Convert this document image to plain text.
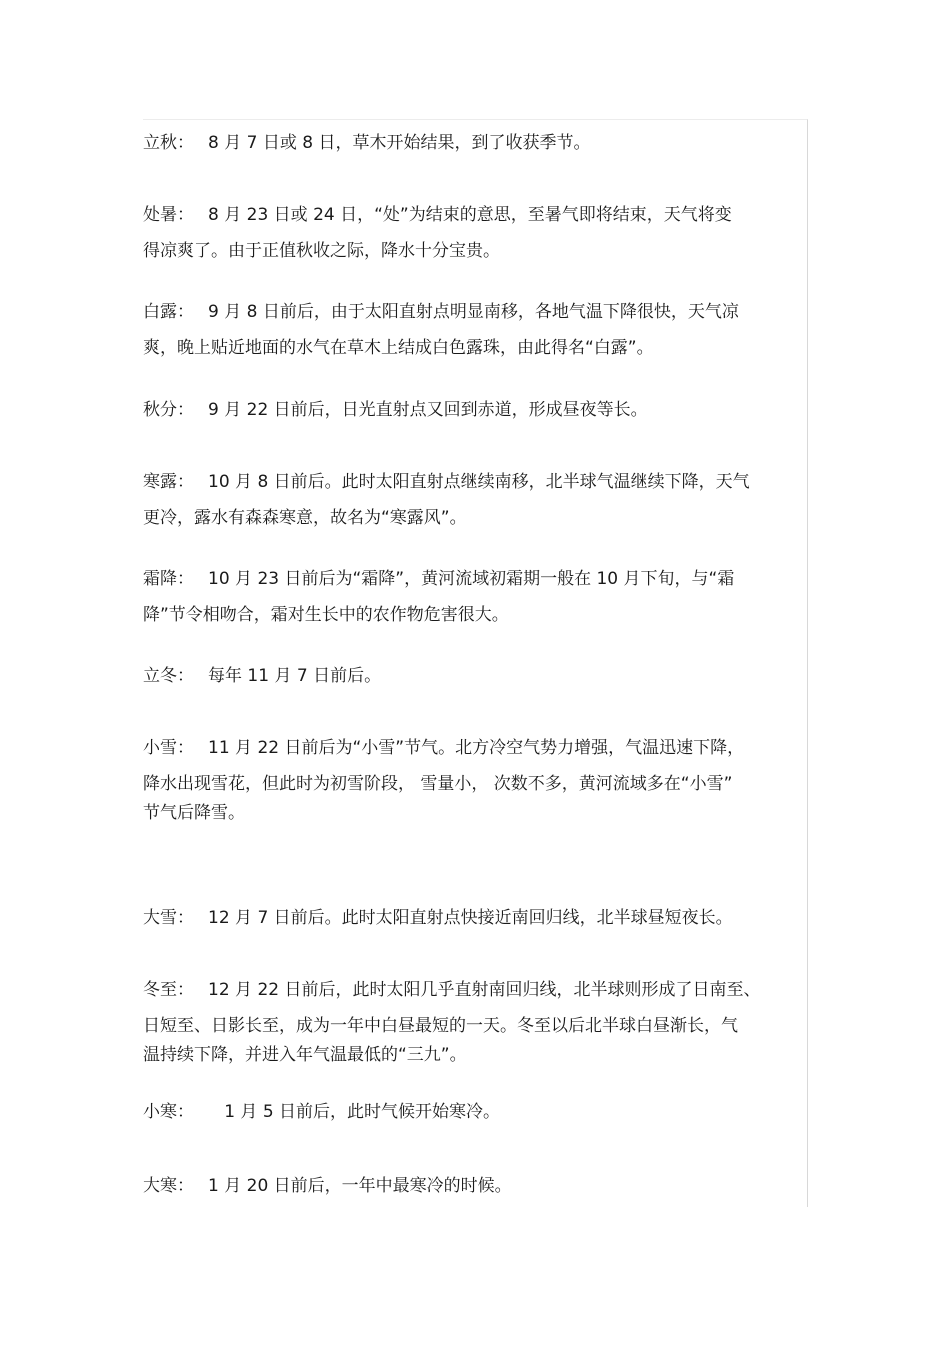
立秋： 8 月 7 日或 8 日，草木开始结果，到了收获季节。
处暑： 8 月 23 日或 24 日，“处”为结束的意思，至暑气即将结束，天气将变
得凉爽了。由于正值秋收之际，降水十分宝贵。
白露： 9 月 8 日前后，由于太阳直射点明显南移，各地气温下降很快，天气凉
爽，晚上贴近地面的水气在草木上结成白色露珠，由此得名“白露”。
秋分： 9 月 22 日前后，日光直射点又回到赤道，形成昼夜等长。
寒露： 10 月 8 日前后。此时太阳直射点继续南移，北半球气温继续下降，天气
更冷，露水有森森寒意，故名为“寒露风”。
霜降： 10 月 23 日前后为“霜降”，黄河流域初霜期一般在 10 月下旬，与“霜
降”节令相吻合，霜对生长中的农作物危害很大。
立冬： 每年 11 月 7 日前后。
小雪： 11 月 22 日前后为“小雪”节气。北方冷空气势力增强，气温迅速下降，
降水出现雪花，但此时为初雪阶段， 雪量小， 次数不多，黄河流域多在“小雪”
节气后降雪。
大雪： 12 月 7 日前后。此时太阳直射点快接近南回归线，北半球昼短夜长。
冬至： 12 月 22 日前后，此时太阳几乎直射南回归线，北半球则形成了日南至、
日短至、日影长至，成为一年中白昼最短的一天。冬至以后北半球白昼渐长，气
温持续下降，并进入年气温最低的“三九”。
小寒：   1 月 5 日前后，此时气候开始寒冷。
大寒： 1 月 20 日前后，一年中最寒冷的时候。
